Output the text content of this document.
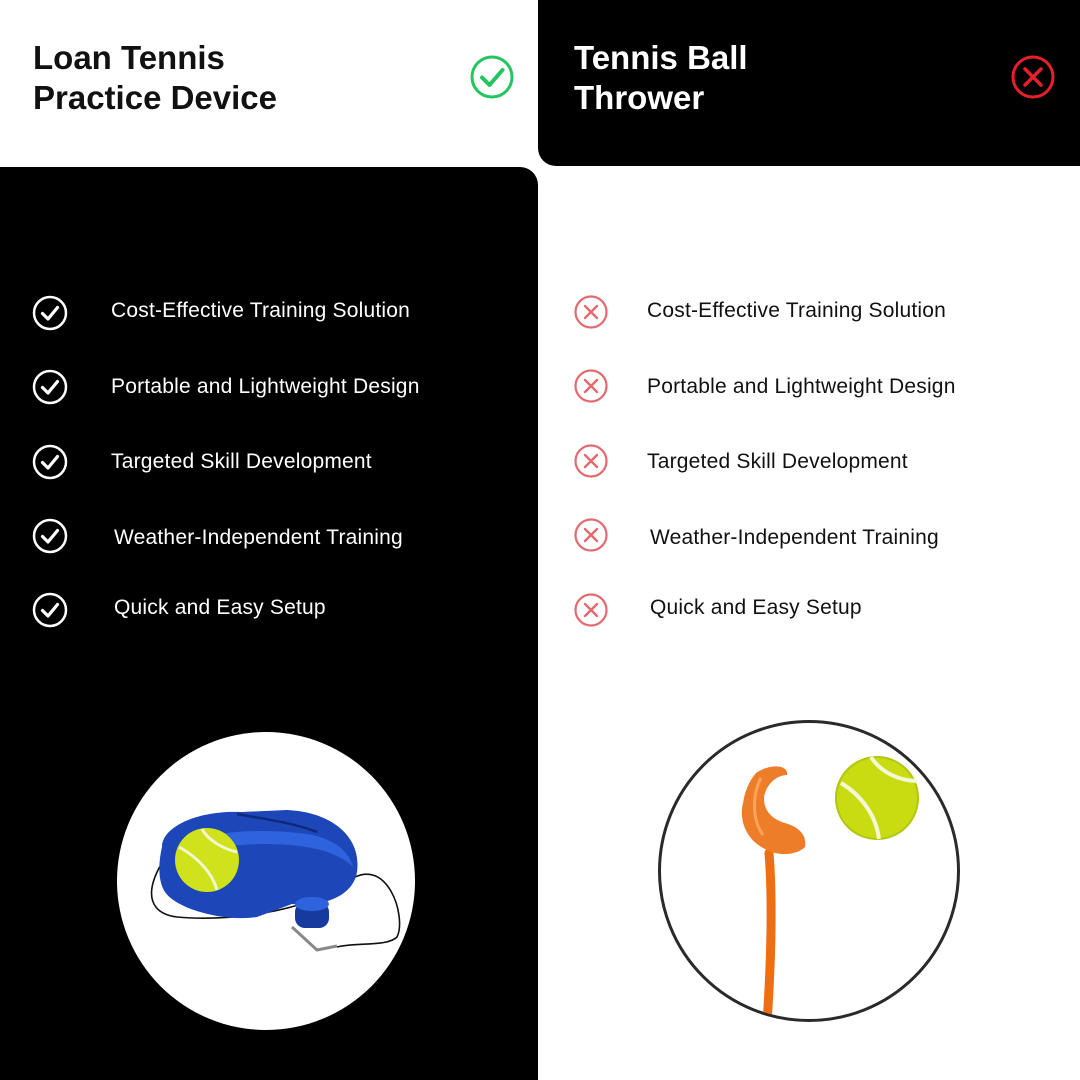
Loan Tennis
Practice Device
Tennis Ball
Thrower
Cost-Effective Training Solution
Portable and Lightweight Design
Targeted Skill Development
Weather-Independent Training
Quick and Easy Setup
Cost-Effective Training Solution
Portable and Lightweight Design
Targeted Skill Development
Weather-Independent Training
Quick and Easy Setup
